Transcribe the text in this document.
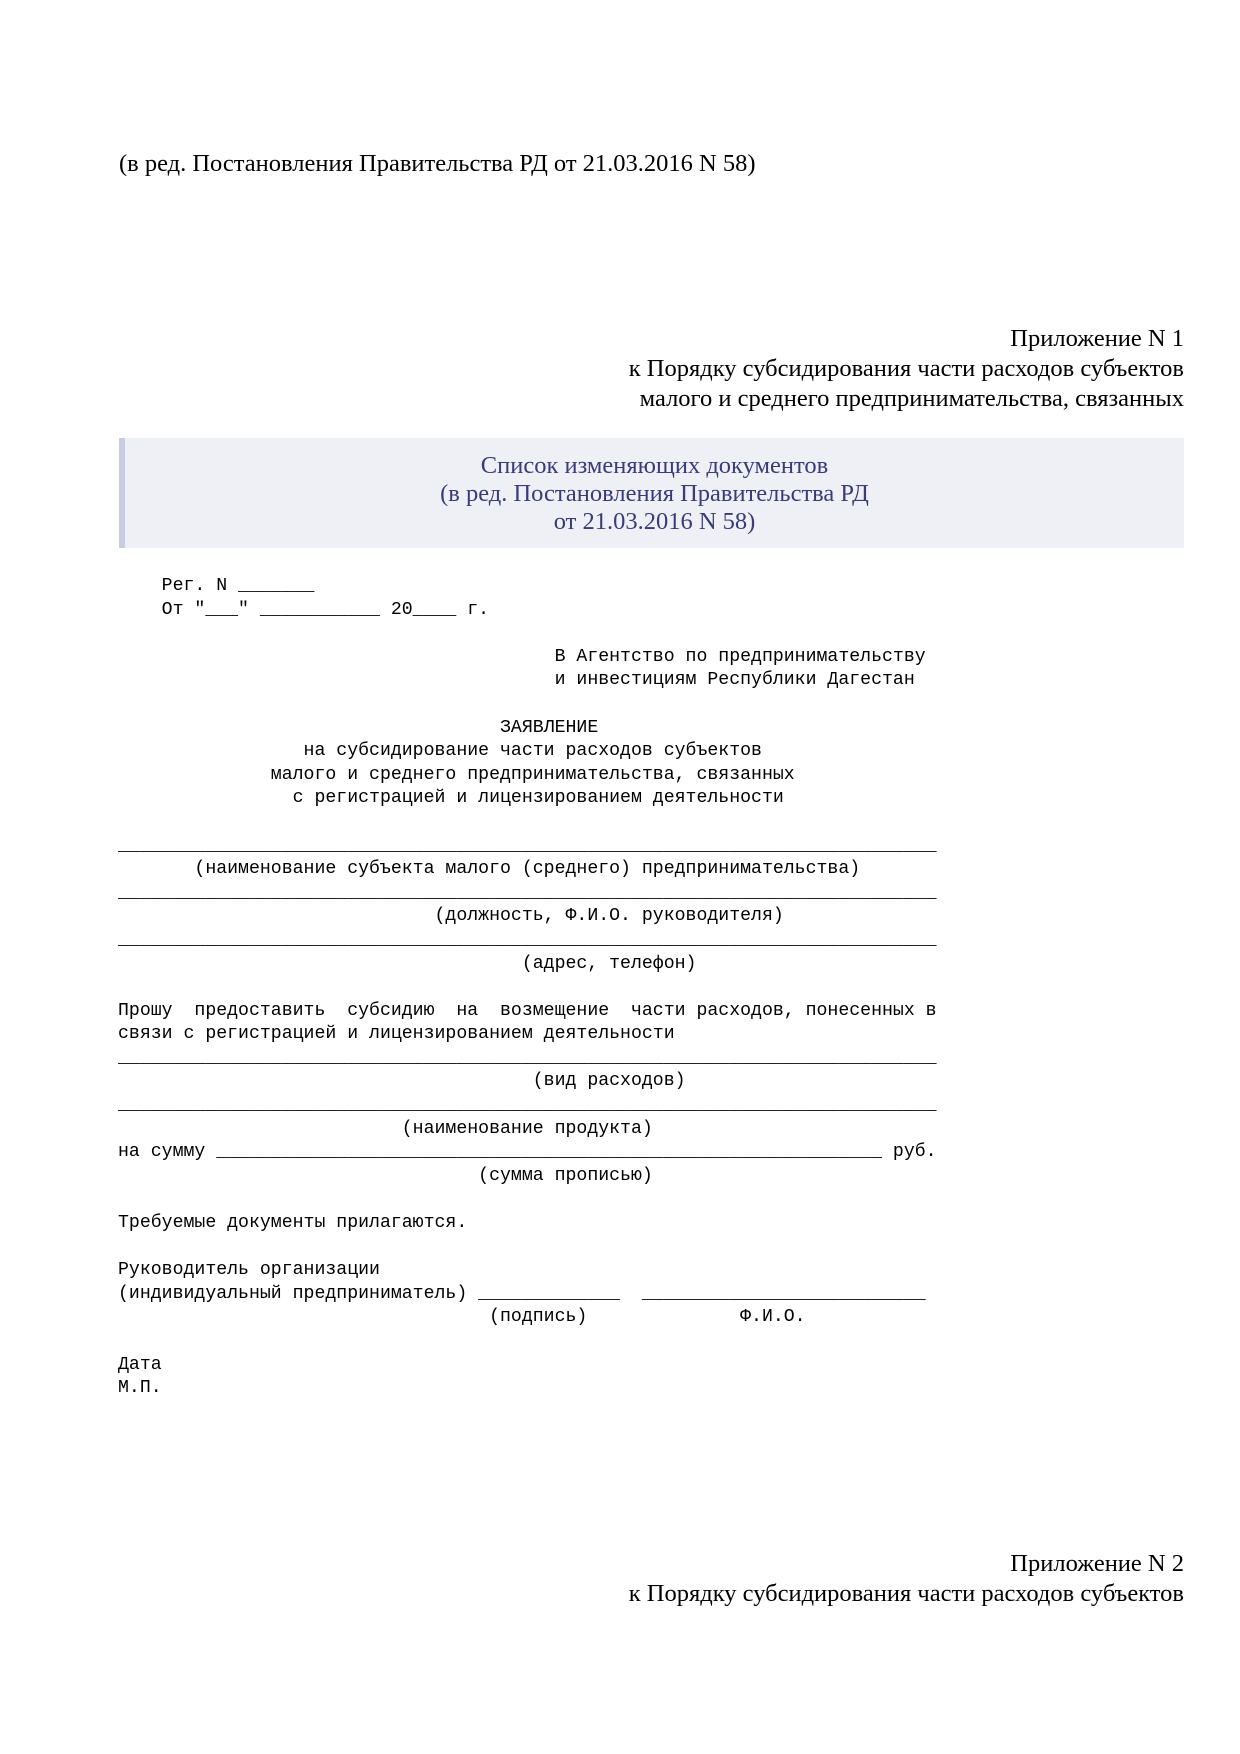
(в ред. Постановления Правительства РД от 21.03.2016 N 58)
Приложение N 1
к Порядку субсидирования части расходов субъектов
малого и среднего предпринимательства, связанных
Список изменяющих документов
(в ред. Постановления Правительства РД
от 21.03.2016 N 58)
Рег. N _______
От "___" ___________ 20____ г.
В Агентство по предпринимательству
и инвестициям Республики Дагестан
ЗАЯВЛЕНИЕ
на субсидирование части расходов субъектов
малого и среднего предпринимательства, связанных
с регистрацией и лицензированием деятельности
___________________________________________________________________________
(наименование субъекта малого (среднего) предпринимательства)
___________________________________________________________________________
(должность, Ф.И.О. руководителя)
___________________________________________________________________________
(адрес, телефон)
Прошу  предоставить  субсидию  на  возмещение  части расходов, понесенных в
связи с регистрацией и лицензированием деятельности
___________________________________________________________________________
(вид расходов)
___________________________________________________________________________
(наименование продукта)
на сумму _____________________________________________________________ руб.
(сумма прописью)
Требуемые документы прилагаются.
Руководитель организации
(индивидуальный предприниматель) _____________  __________________________
(подпись)              Ф.И.О.
Дата
М.П.
Приложение N 2
к Порядку субсидирования части расходов субъектов
